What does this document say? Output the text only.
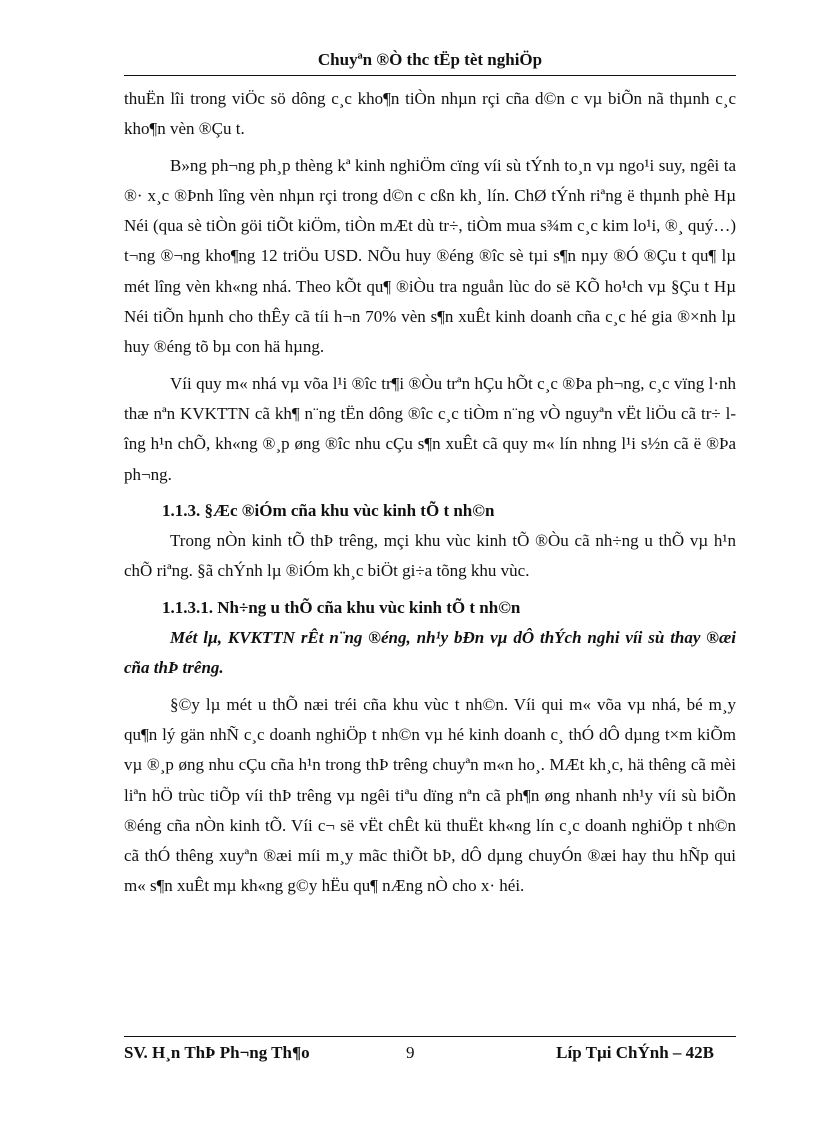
Chuyªn ®Ò thc tËp tèt nghiÖp

thuËn lîi trong viÖc sö dông c¸c kho¶n tiÒn nhµn rçi cña d©n c vµ biÕn nã thµnh c¸c kho¶n vèn ®Çu t.

B»ng ph¬ng ph¸p thèng kª kinh nghiÖm cïng víi sù tÝnh to¸n vµ ngo¹i suy, ngêi ta ®· x¸c ®Þnh lîng vèn nhµn rçi trong d©n c cßn kh¸ lín. ChØ tÝnh riªng ë thµnh phè Hµ Néi (qua sè tiÒn göi tiÕt kiÖm, tiÒn mÆt dù tr÷, tiÒm mua s¾m c¸c kim lo¹i, ®¸ quý…) t¬ng ®¬ng kho¶ng 12 triÖu USD. NÕu huy ®éng ®îc sè tµi s¶n nµy ®Ó ®Çu t qu¶ lµ mét lîng vèn kh«ng nhá. Theo kÕt qu¶ ®iÒu tra nguån lùc do së KÕ ho¹ch vµ §Çu t Hµ Néi tiÕn hµnh cho thÊy cã tíi h¬n 70% vèn s¶n xuÊt kinh doanh cña c¸c hé gia ®×nh lµ huy ®éng tõ bµ con hä hµng.

Víi quy m« nhá vµ võa l¹i ®îc tr¶i ®Òu trªn hÇu hÕt c¸c ®Þa ph¬ng, c¸c vïng l·nh thæ nªn KVKTTN cã kh¶ n¨ng tËn dông ®îc c¸c tiÒm n¨ng vÒ nguyªn vËt liÖu cã tr÷ lîng h¹n chÕ, kh«ng ®¸p øng ®îc nhu cÇu s¶n xuÊt cã quy m« lín nhng l¹i s½n cã ë ®Þa ph¬ng.

1.1.3. §Æc ®iÓm cña khu vùc kinh tÕ t nh©n

Trong nÒn kinh tÕ thÞ trêng, mçi khu vùc kinh tÕ ®Òu cã nh÷ng u thÕ vµ h¹n chÕ riªng. §ã chÝnh lµ ®iÓm kh¸c biÖt gi÷a tõng khu vùc.

1.1.3.1. Nh÷ng u thÕ cña khu vùc kinh tÕ t nh©n

Mét lµ, KVKTTN rÊt n¨ng ®éng, nh¹y bÐn vµ dÔ thÝch nghi víi sù thay ®æi cña thÞ trêng.

§©y lµ mét u thÕ næi tréi cña khu vùc t nh©n. Víi qui m« võa vµ nhá, bé m¸y qu¶n lý gän nhÑ c¸c doanh nghiÖp t nh©n vµ hé kinh doanh c¸ thÓ dÔ dµng t×m kiÕm vµ ®¸p øng nhu cÇu cña h¹n trong thÞ trêng chuyªn m«n ho¸. MÆt kh¸c, hä thêng cã mèi liªn hÖ trùc tiÕp víi thÞ trêng vµ ngêi tiªu dïng nªn cã ph¶n øng nhanh nh¹y víi sù biÕn ®éng cña nÒn kinh tÕ. Víi c¬ së vËt chÊt kü thuËt kh«ng lín c¸c doanh nghiÖp t nh©n cã thÓ thêng xuyªn ®æi míi m¸y mãc thiÕt bÞ, dÔ dµng chuyÓn ®æi hay thu hÑp qui m« s¶n xuÊt mµ kh«ng g©y hËu qu¶ nÆng nÒ cho x· héi.

SV. H¸n ThÞ Ph¬ng Th¶o	9	Líp Tµi ChÝnh – 42B
